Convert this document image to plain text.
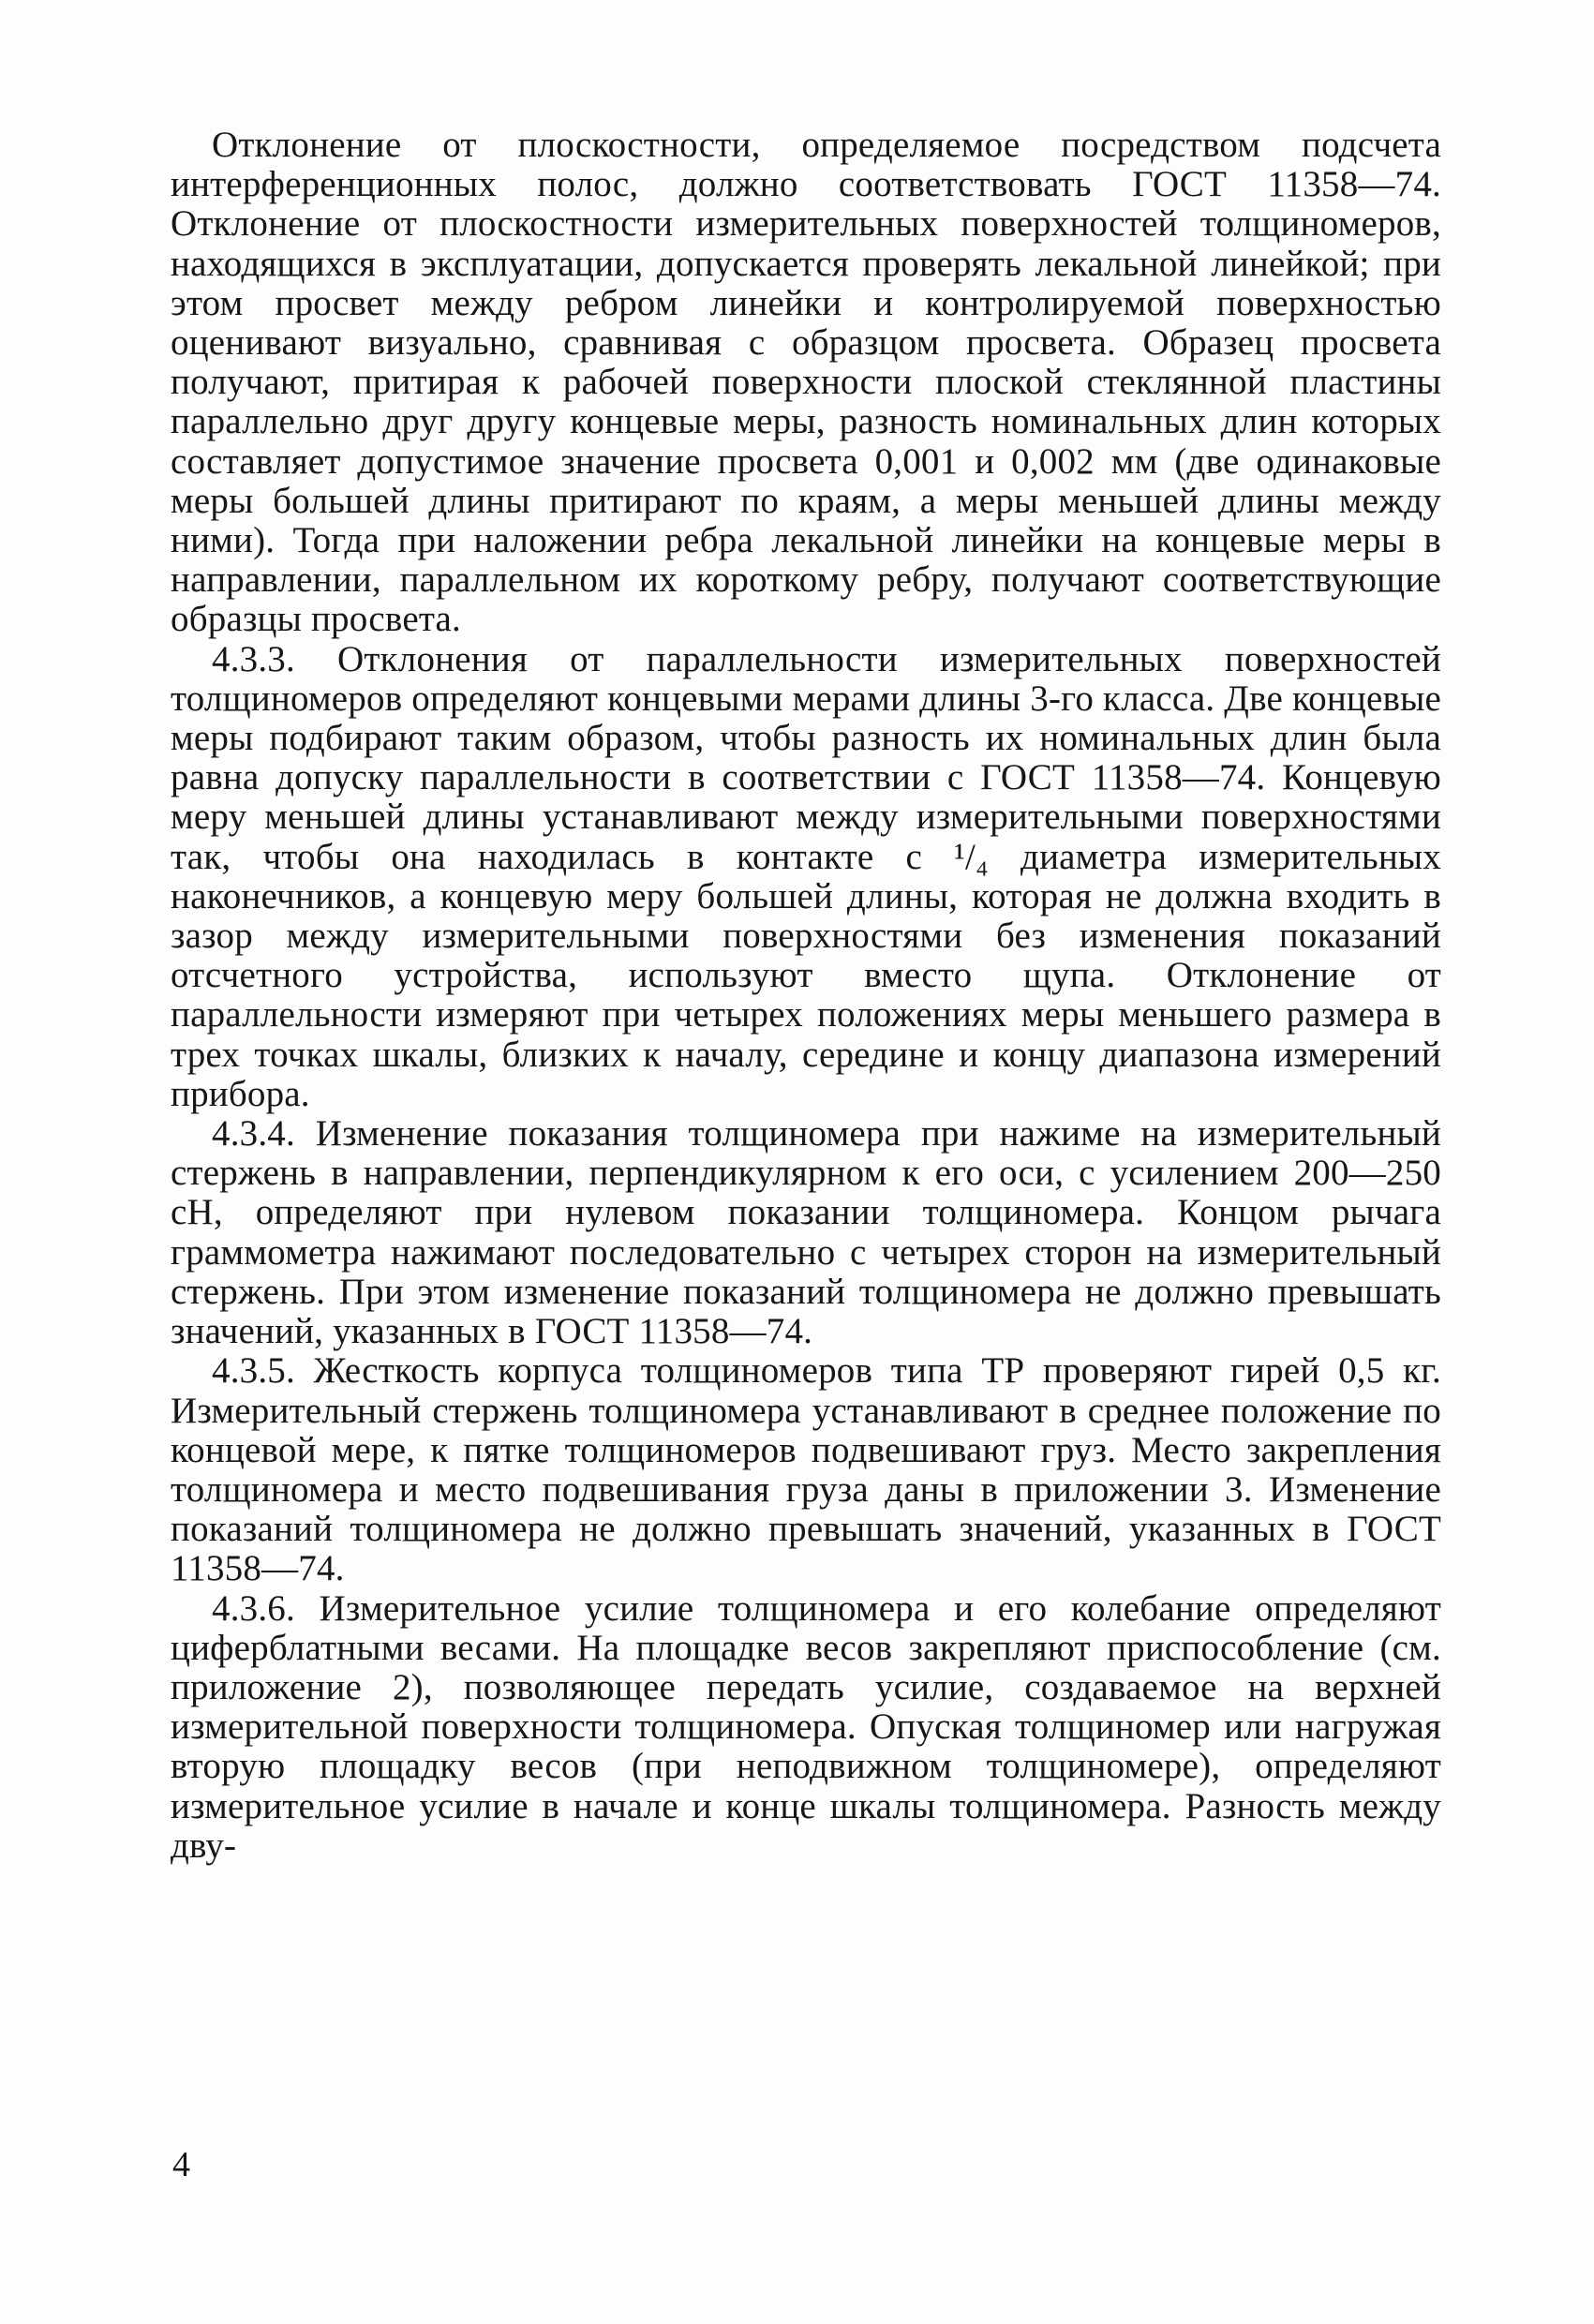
Отклонение от плоскостности, определяемое посредством подсчета интерференционных полос, должно соответствовать ГОСТ 11358—74. Отклонение от плоскостности измерительных поверхностей толщиномеров, находящихся в эксплуатации, допускается проверять лекальной линейкой; при этом просвет между ребром линейки и контролируемой поверхностью оценивают визуально, сравнивая с образцом просвета. Образец просвета получают, притирая к рабочей поверхности плоской стеклянной пластины параллельно друг другу концевые меры, разность номинальных длин которых составляет допустимое значение просвета 0,001 и 0,002 мм (две одинаковые меры большей длины притирают по краям, а меры меньшей длины между ними). Тогда при наложении ребра лекальной линейки на концевые меры в направлении, параллельном их короткому ребру, получают соответствующие образцы просвета.

4.3.3. Отклонения от параллельности измерительных поверхностей толщиномеров определяют концевыми мерами длины 3-го класса. Две концевые меры подбирают таким образом, чтобы разность их номинальных длин была равна допуску параллельности в соответствии с ГОСТ 11358—74. Концевую меру меньшей длины устанавливают между измерительными поверхностями так, чтобы она находилась в контакте с ¹/₄ диаметра измерительных наконечников, а концевую меру большей длины, которая не должна входить в зазор между измерительными поверхностями без изменения показаний отсчетного устройства, используют вместо щупа. Отклонение от параллельности измеряют при четырех положениях меры меньшего размера в трех точках шкалы, близких к началу, середине и концу диапазона измерений прибора.

4.3.4. Изменение показания толщиномера при нажиме на измерительный стержень в направлении, перпендикулярном к его оси, с усилением 200—250 сН, определяют при нулевом показании толщиномера. Концом рычага граммометра нажимают последовательно с четырех сторон на измерительный стержень. При этом изменение показаний толщиномера не должно превышать значений, указанных в ГОСТ 11358—74.

4.3.5. Жесткость корпуса толщиномеров типа ТР проверяют гирей 0,5 кг. Измерительный стержень толщиномера устанавливают в среднее положение по концевой мере, к пятке толщиномеров подвешивают груз. Место закрепления толщиномера и место подвешивания груза даны в приложении 3. Изменение показаний толщиномера не должно превышать значений, указанных в ГОСТ 11358—74.

4.3.6. Измерительное усилие толщиномера и его колебание определяют циферблатными весами. На площадке весов закрепляют приспособление (см. приложение 2), позволяющее передать усилие, создаваемое на верхней измерительной поверхности толщиномера. Опуская толщиномер или нагружая вторую площадку весов (при неподвижном толщиномере), определяют измерительное усилие в начале и конце шкалы толщиномера. Разность между дву-

4
